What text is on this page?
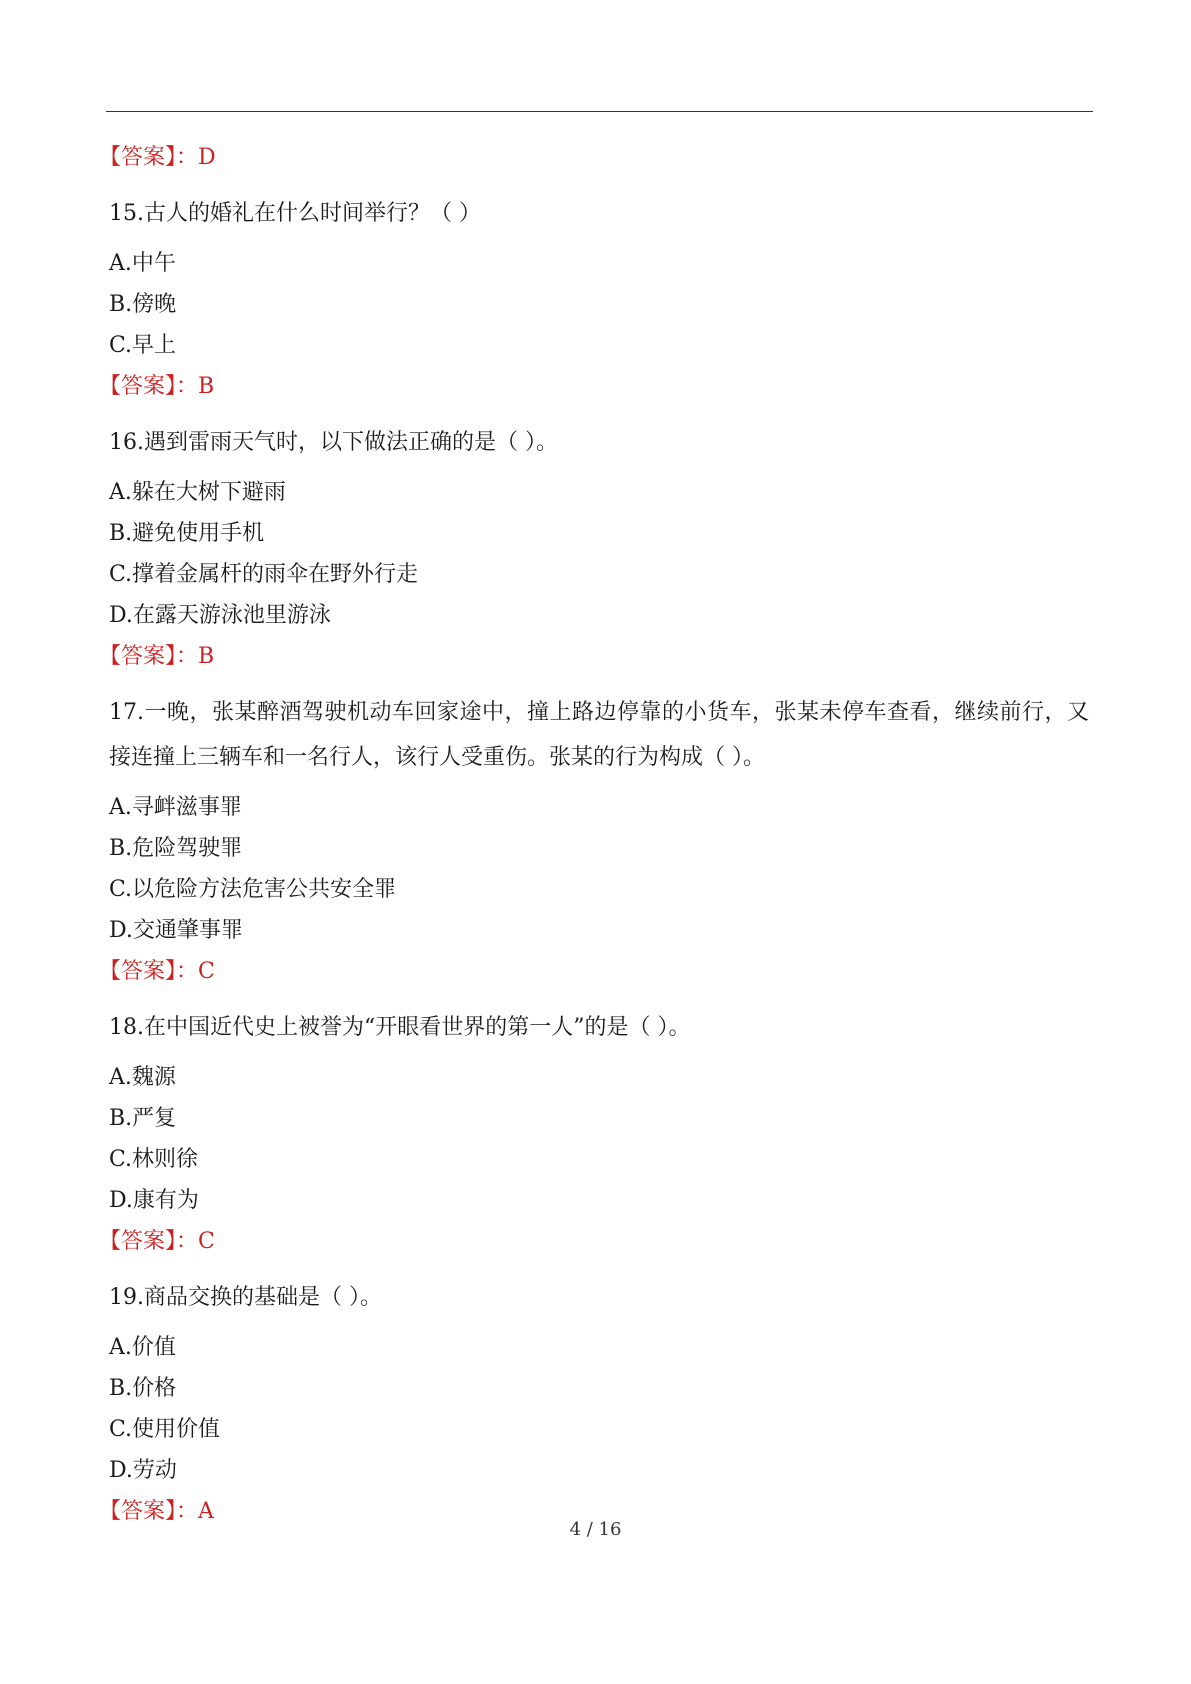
【答案】：D
15.古人的婚礼在什么时间举行？（ ）
A.中午
B.傍晚
C.早上
【答案】：B
16.遇到雷雨天气时，以下做法正确的是（ ）。
A.躲在大树下避雨
B.避免使用手机
C.撑着金属杆的雨伞在野外行走
D.在露天游泳池里游泳
【答案】：B
17.一晚，张某醉酒驾驶机动车回家途中，撞上路边停靠的小货车，张某未停车查看，继续前行，又接连撞上三辆车和一名行人，该行人受重伤。张某的行为构成（ ）。
A.寻衅滋事罪
B.危险驾驶罪
C.以危险方法危害公共安全罪
D.交通肇事罪
【答案】：C
18.在中国近代史上被誉为“开眼看世界的第一人”的是（ ）。
A.魏源
B.严复
C.林则徐
D.康有为
【答案】：C
19.商品交换的基础是（ ）。
A.价值
B.价格
C.使用价值
D.劳动
【答案】：A
4 / 16
